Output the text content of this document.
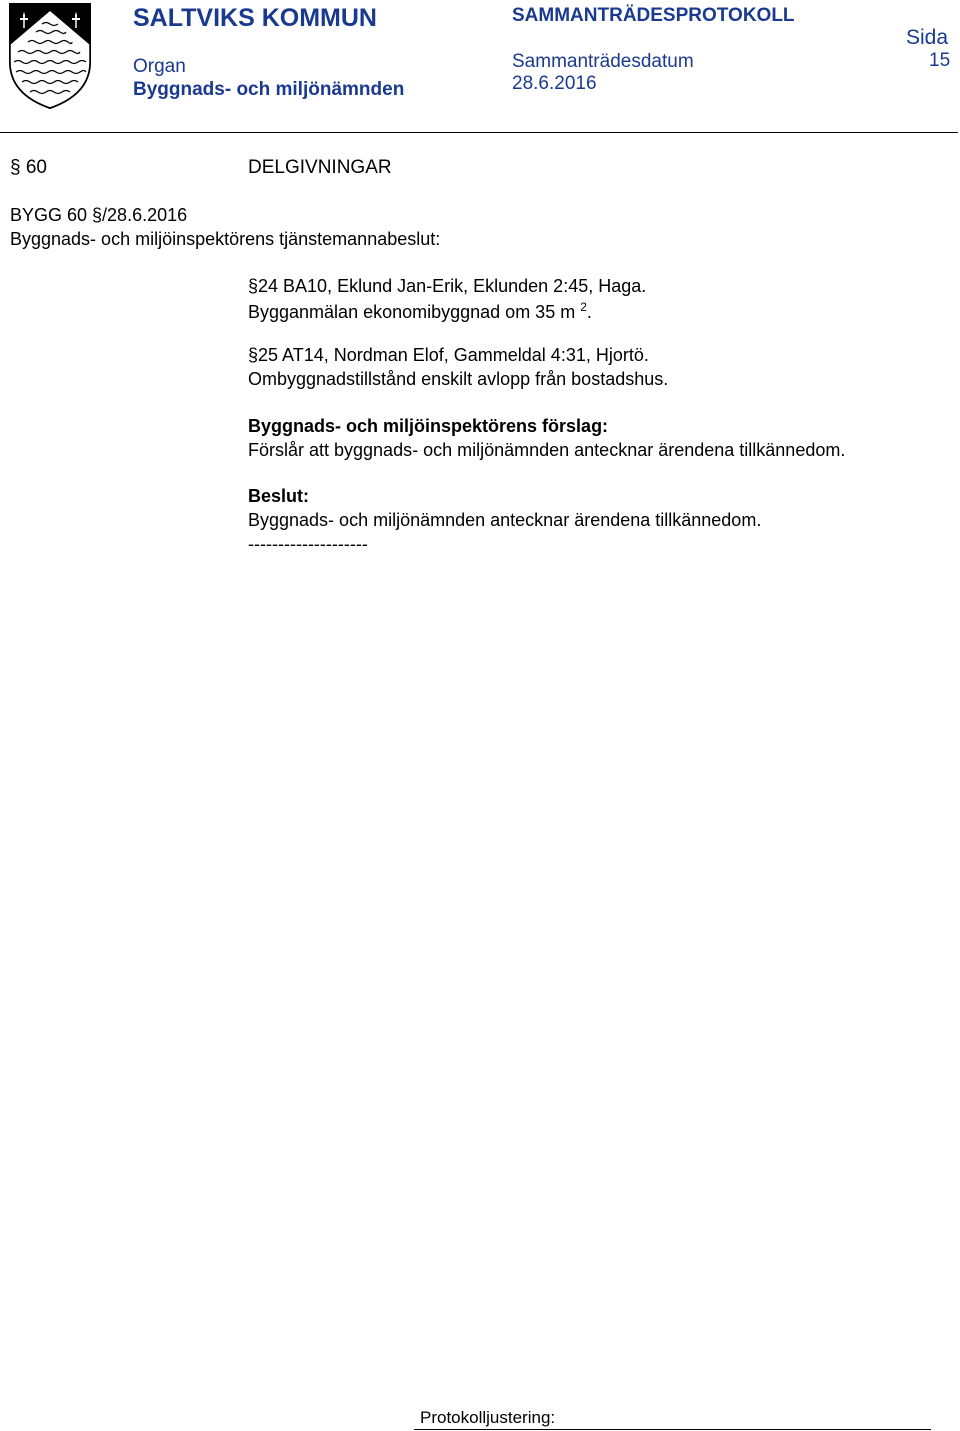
SALTVIKS KOMMUN
Organ
Byggnads- och miljönämnden
SAMMANTRÄDESPROTOKOLL
Sammanträdesdatum
28.6.2016
Sida
15
§ 60	DELGIVNINGAR
BYGG 60 §/28.6.2016
Byggnads- och miljöinspektörens tjänstemannabeslut:
§24 BA10, Eklund Jan-Erik, Eklunden 2:45, Haga.
Bygganmälan ekonomibyggnad om 35 m $^2$.
§25 AT14, Nordman Elof, Gammeldal 4:31, Hjortö.
Ombyggnadstillstånd enskilt avlopp från bostadshus.
Byggnads- och miljöinspektörens förslag:
Förslår att byggnads- och miljönämnden antecknar ärendena tillkännedom.
Beslut:
Byggnads- och miljönämnden antecknar ärendena tillkännedom.
--------------------
Protokolljustering:
